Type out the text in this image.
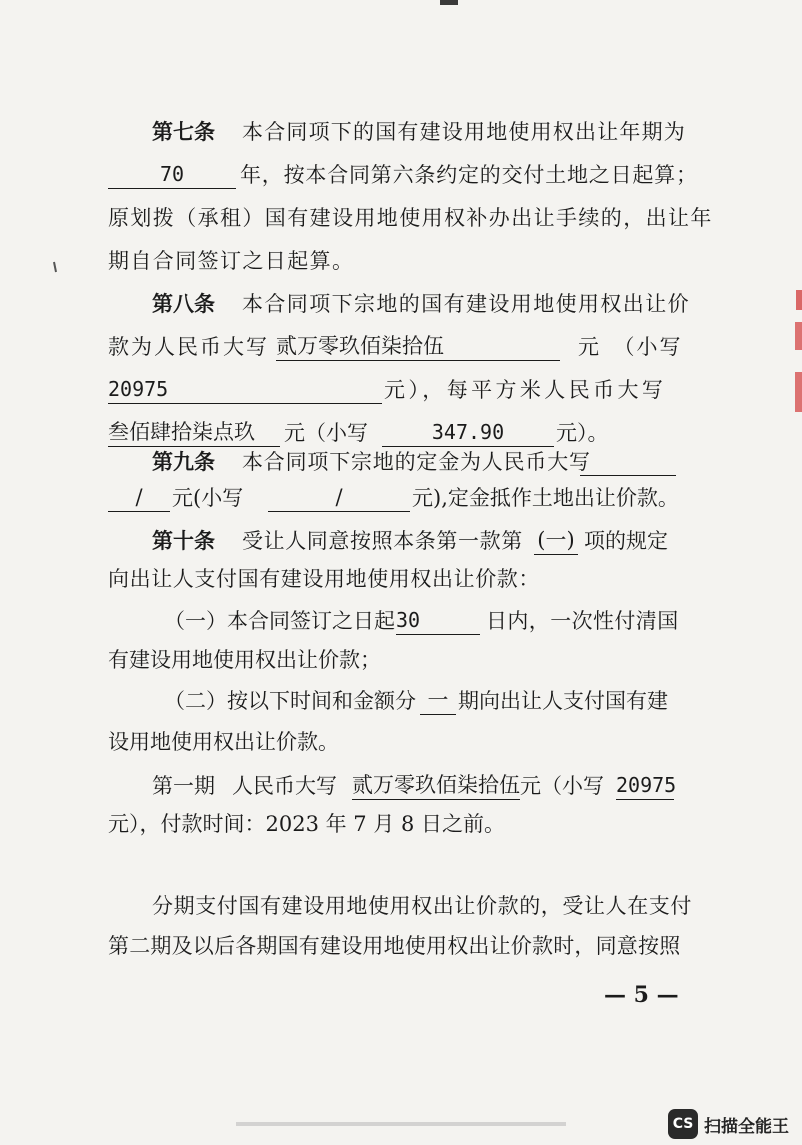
第七条 本合同项下的国有建设用地使用权出让年期为
70	年，按本合同第六条约定的交付土地之日起算；
原划拨（承租）国有建设用地使用权补办出让手续的，出让年
期自合同签订之日起算。
第八条 本合同项下宗地的国有建设用地使用权出让价
款为人民币大写 贰万零玖佰柒拾伍	元　（小写
20975	元），每平方米人民币大写
叁佰肆拾柒点玖	元（小写	347.90	元）。
第九条 本合同项下宗地的定金为人民币大写
/	元(小写	/	元),定金抵作土地出让价款。
第十条 受让人同意按照本条第一款第 (一) 项的规定
向出让人支付国有建设用地使用权出让价款：
（一）本合同签订之日起 30	日内，一次性付清国
有建设用地使用权出让价款；
（二）按以下时间和金额分 一 期向出让人支付国有建
设用地使用权出让价款。
第一期 人民币大写 贰万零玖佰柒拾伍 元（小写 20975
元），付款时间：2023 年 7 月 8 日之前。
分期支付国有建设用地使用权出让价款的，受让人在支付
第二期及以后各期国有建设用地使用权出让价款时，同意按照
— 5 —
CS 扫描全能王
